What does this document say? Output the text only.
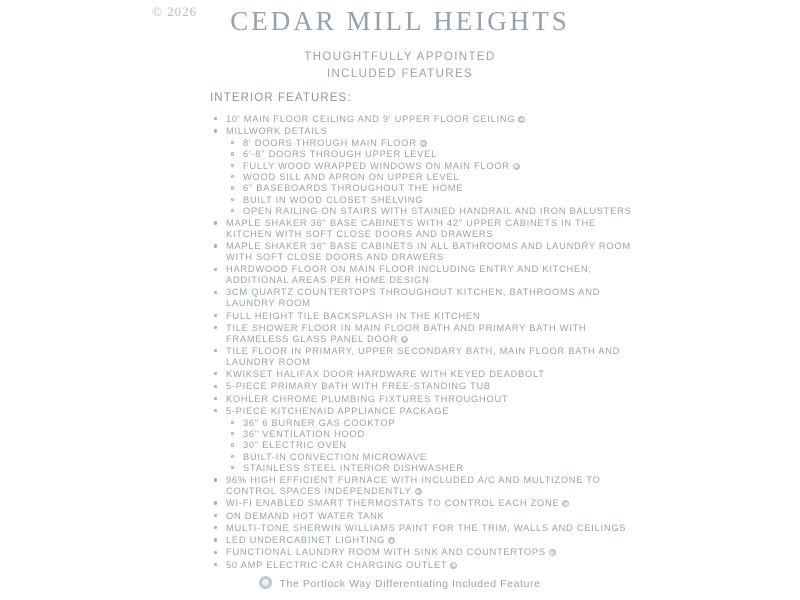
© 2026	CEDAR MILL HEIGHTS
THOUGHTFULLY APPOINTED
INCLUDED FEATURES
INTERIOR FEATURES:
10' MAIN FLOOR CEILING AND 9' UPPER FLOOR CEILING
MILLWORK DETAILS
8' DOORS THROUGH MAIN FLOOR
6'-8" DOORS THROUGH UPPER LEVEL
FULLY WOOD WRAPPED WINDOWS ON MAIN FLOOR
WOOD SILL AND APRON ON UPPER LEVEL
6" BASEBOARDS THROUGHOUT THE HOME
BUILT IN WOOD CLOSET SHELVING
OPEN RAILING ON STAIRS WITH STAINED HANDRAIL AND IRON BALUSTERS
MAPLE SHAKER 36" BASE CABINETS WITH 42" UPPER CABINETS IN THE KITCHEN WITH SOFT CLOSE DOORS AND DRAWERS
MAPLE SHAKER 36" BASE CABINETS IN ALL BATHROOMS AND LAUNDRY ROOM WITH SOFT CLOSE DOORS AND DRAWERS
HARDWOOD FLOOR ON MAIN FLOOR INCLUDING ENTRY AND KITCHEN, ADDITIONAL AREAS PER HOME DESIGN
3CM QUARTZ COUNTERTOPS THROUGHOUT KITCHEN, BATHROOMS AND LAUNDRY ROOM
FULL HEIGHT TILE BACKSPLASH IN THE KITCHEN
TILE SHOWER FLOOR IN MAIN FLOOR BATH AND PRIMARY BATH WITH FRAMELESS GLASS PANEL DOOR
TILE FLOOR IN PRIMARY, UPPER SECONDARY BATH, MAIN FLOOR BATH AND LAUNDRY ROOM
KWIKSET HALIFAX DOOR HARDWARE WITH KEYED DEADBOLT
5-PIECE PRIMARY BATH WITH FREE-STANDING TUB
KOHLER CHROME PLUMBING FIXTURES THROUGHOUT
5-PIECE KITCHENAID APPLIANCE PACKAGE
36" 6 BURNER GAS COOKTOP
36" VENTILATION HOOD
30" ELECTRIC OVEN
BUILT-IN CONVECTION MICROWAVE
STAINLESS STEEL INTERIOR DISHWASHER
96% HIGH EFFICIENT FURNACE WITH INCLUDED A/C AND MULTIZONE TO CONTROL SPACES INDEPENDENTLY
WI-FI ENABLED SMART THERMOSTATS TO CONTROL EACH ZONE
ON DEMAND HOT WATER TANK
MULTI-TONE SHERWIN WILLIAMS PAINT FOR THE TRIM, WALLS AND CEILINGS
LED UNDERCABINET LIGHTING
FUNCTIONAL LAUNDRY ROOM WITH SINK AND COUNTERTOPS
50 AMP ELECTRIC CAR CHARGING OUTLET
The Portlock Way Differentiating Included Feature
